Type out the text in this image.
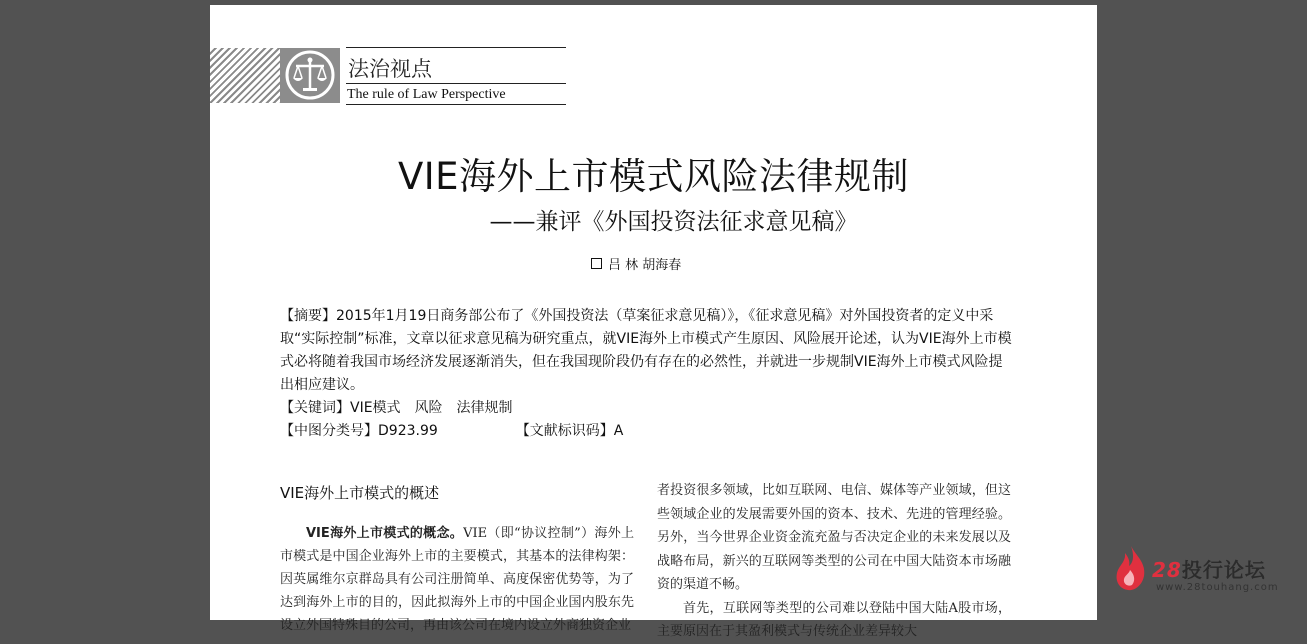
法治视点
The rule of Law Perspective
VIE海外上市模式风险法律规制
——兼评《外国投资法征求意见稿》
吕 林 胡海春

【摘要】2015年1月19日商务部公布了《外国投资法（草案征求意见稿）》，《征求意见稿》对外国投资者的定义中采取“实际控制”标准，文章以征求意见稿为研究重点，就VIE海外上市模式产生原因、风险展开论述，认为VIE海外上市模式必将随着我国市场经济发展逐渐消失，但在我国现阶段仍有存在的必然性，并就进一步规制VIE海外上市模式风险提出相应建议。

【关键词】VIE模式　风险　法律规制

【中图分类号】 D923.99	【文献标识码】 A

VIE海外上市模式的概述

VIE海外上市模式的概念。VIE（即“协议控制”）海外上市模式是中国企业海外上市的主要模式，其基本的法律构架：因英属维尔京群岛具有公司注册简单、高度保密优势等，为了达到海外上市的目的，因此拟海外上市的中国企业国内股东先设立外国特殊目的公司，再由该公司在境内设立外商独资企业

者投资很多领域，比如互联网、电信、媒体等产业领域，但这些领域企业的发展需要外国的资本、技术、先进的管理经验。另外，当今世界企业资金流充盈与否决定企业的未来发展以及战略布局，新兴的互联网等类型的公司在中国大陆资本市场融资的渠道不畅。

首先，互联网等类型的公司难以登陆中国大陆A股市场，主要原因在于其盈利模式与传统企业差异较大

28投行论坛
www.28touhang.com
